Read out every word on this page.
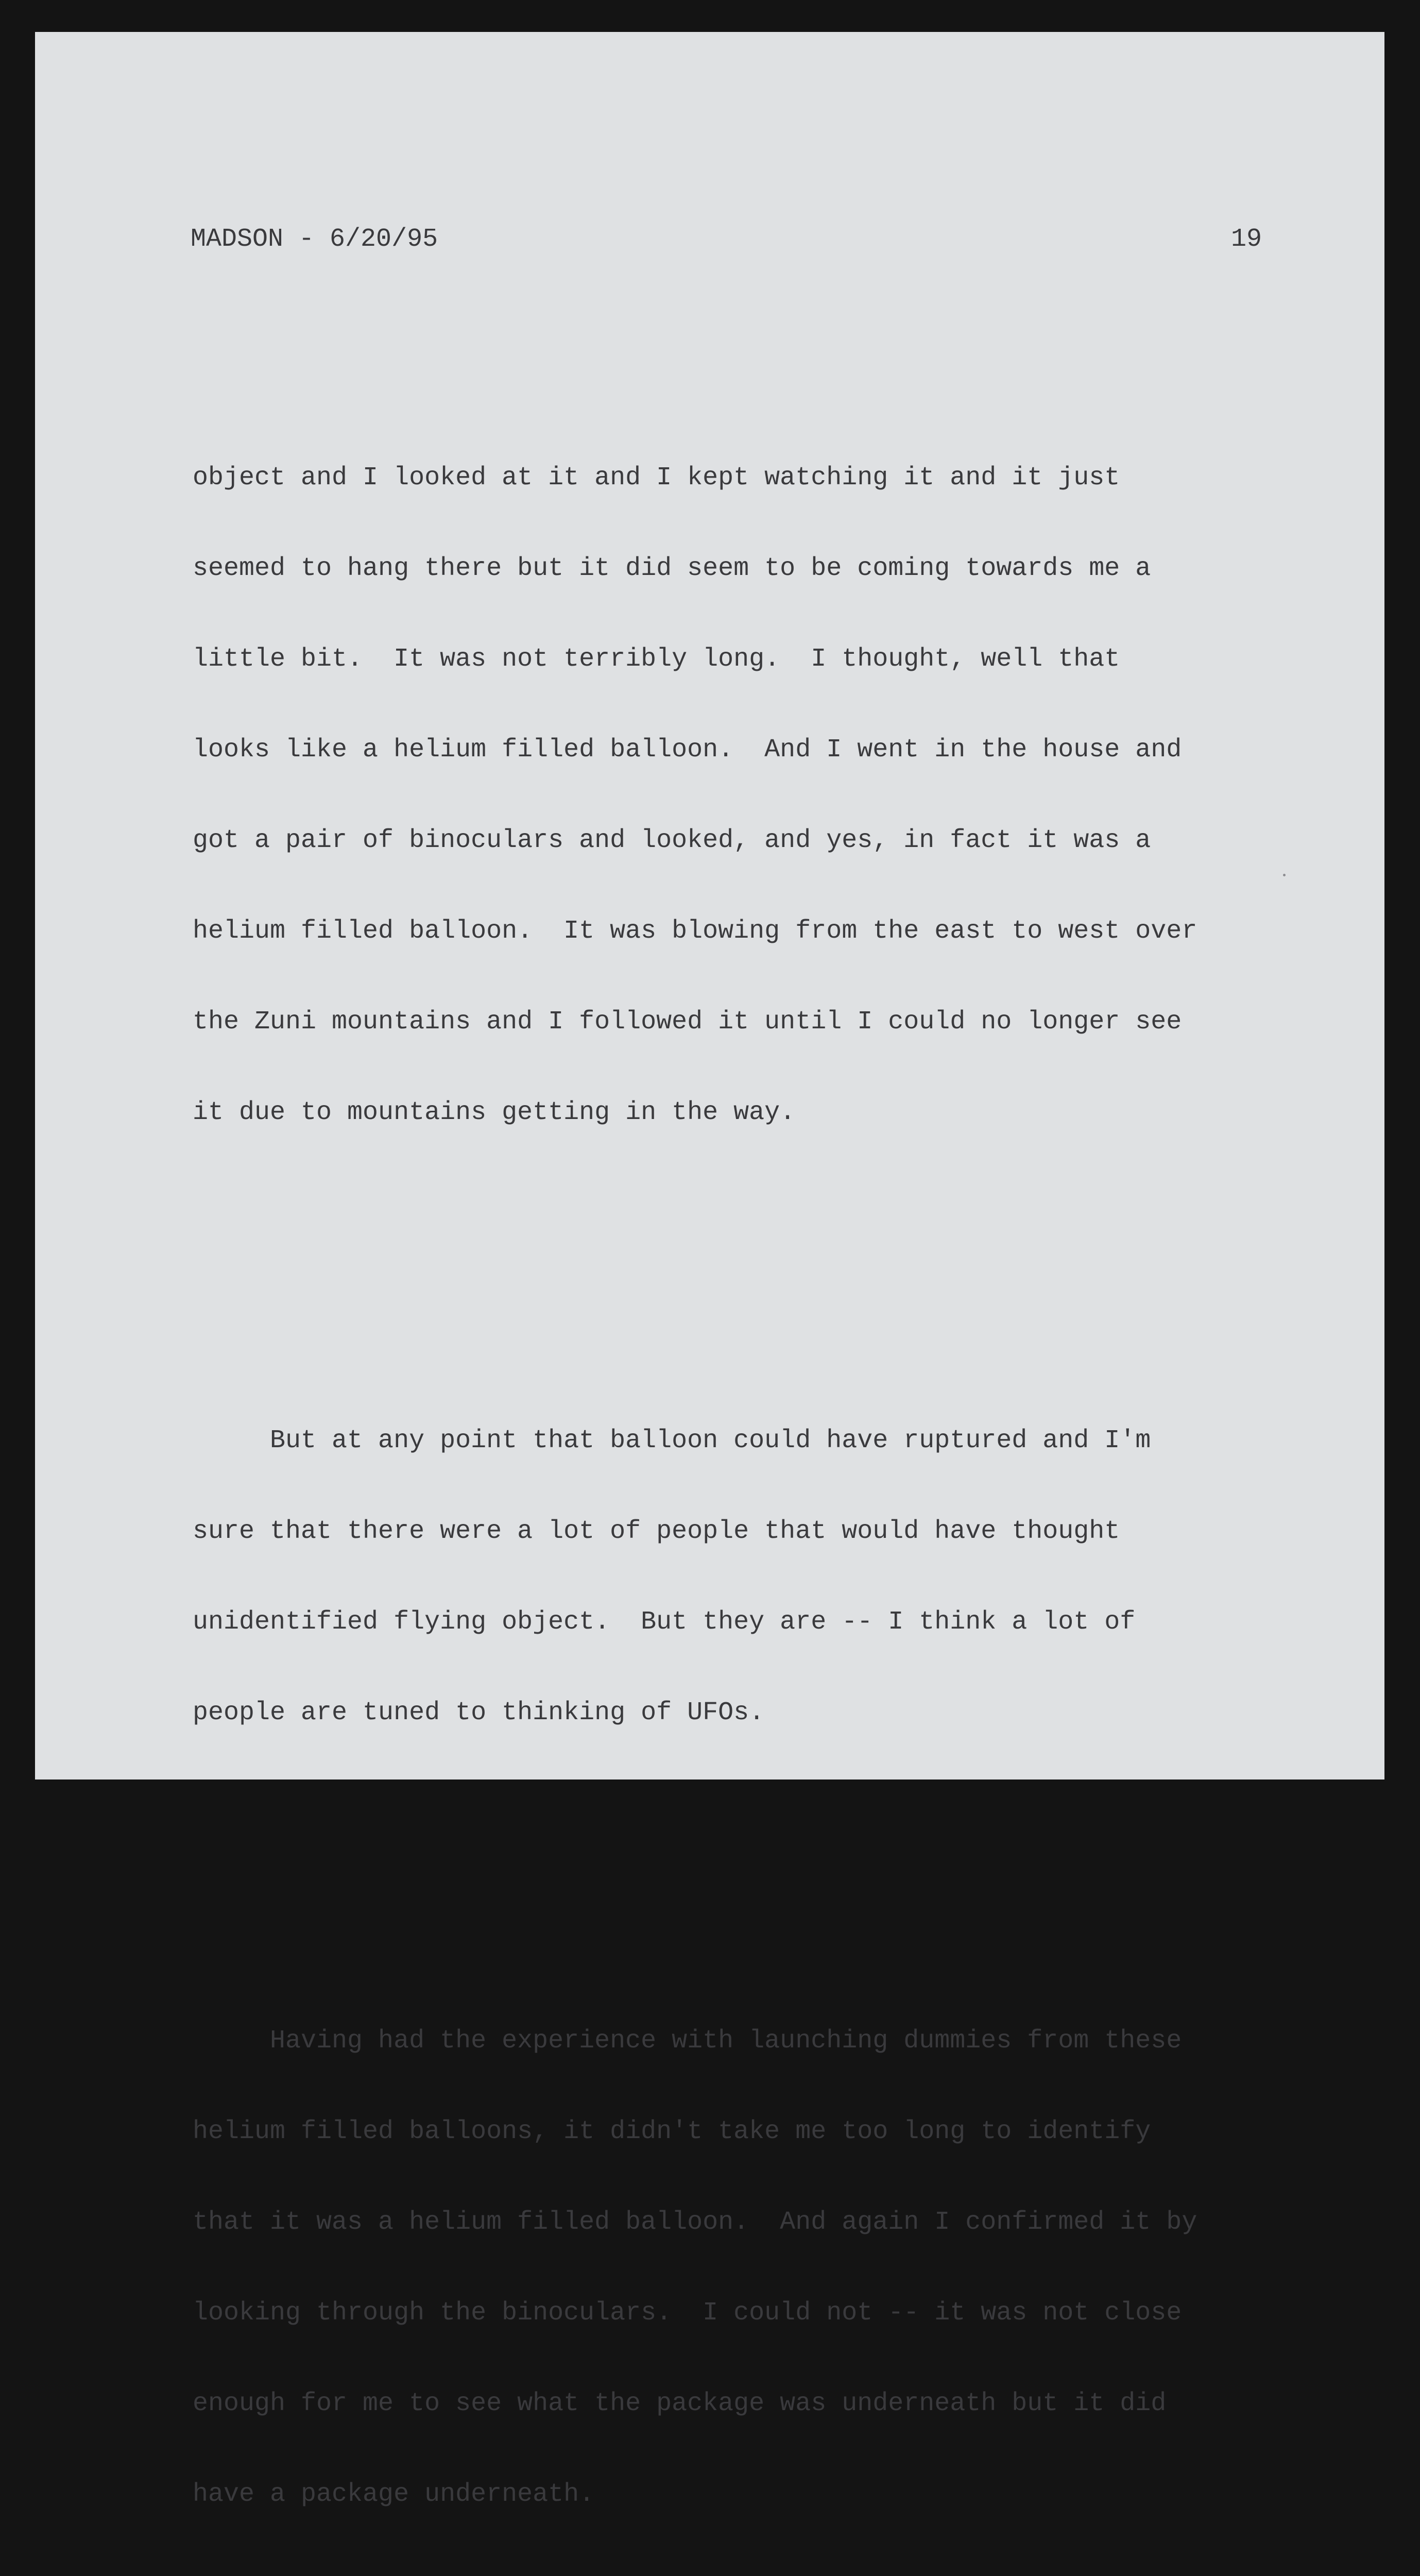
MADSON - 6/20/95

	19

object and I looked at it and I kept watching it and it just

seemed to hang there but it did seem to be coming towards me a

little bit.  It was not terribly long.  I thought, well that

looks like a helium filled balloon.  And I went in the house and

got a pair of binoculars and looked, and yes, in fact it was a

helium filled balloon.  It was blowing from the east to west over

the Zuni mountains and I followed it until I could no longer see

it due to mountains getting in the way.

But at any point that balloon could have ruptured and I'm

sure that there were a lot of people that would have thought

unidentified flying object.  But they are -- I think a lot of

people are tuned to thinking of UFOs.

Having had the experience with launching dummies from these

helium filled balloons, it didn't take me too long to identify

that it was a helium filled balloon.  And again I confirmed it by

looking through the binoculars.  I could not -- it was not close

enough for me to see what the package was underneath but it did

have a package underneath.
